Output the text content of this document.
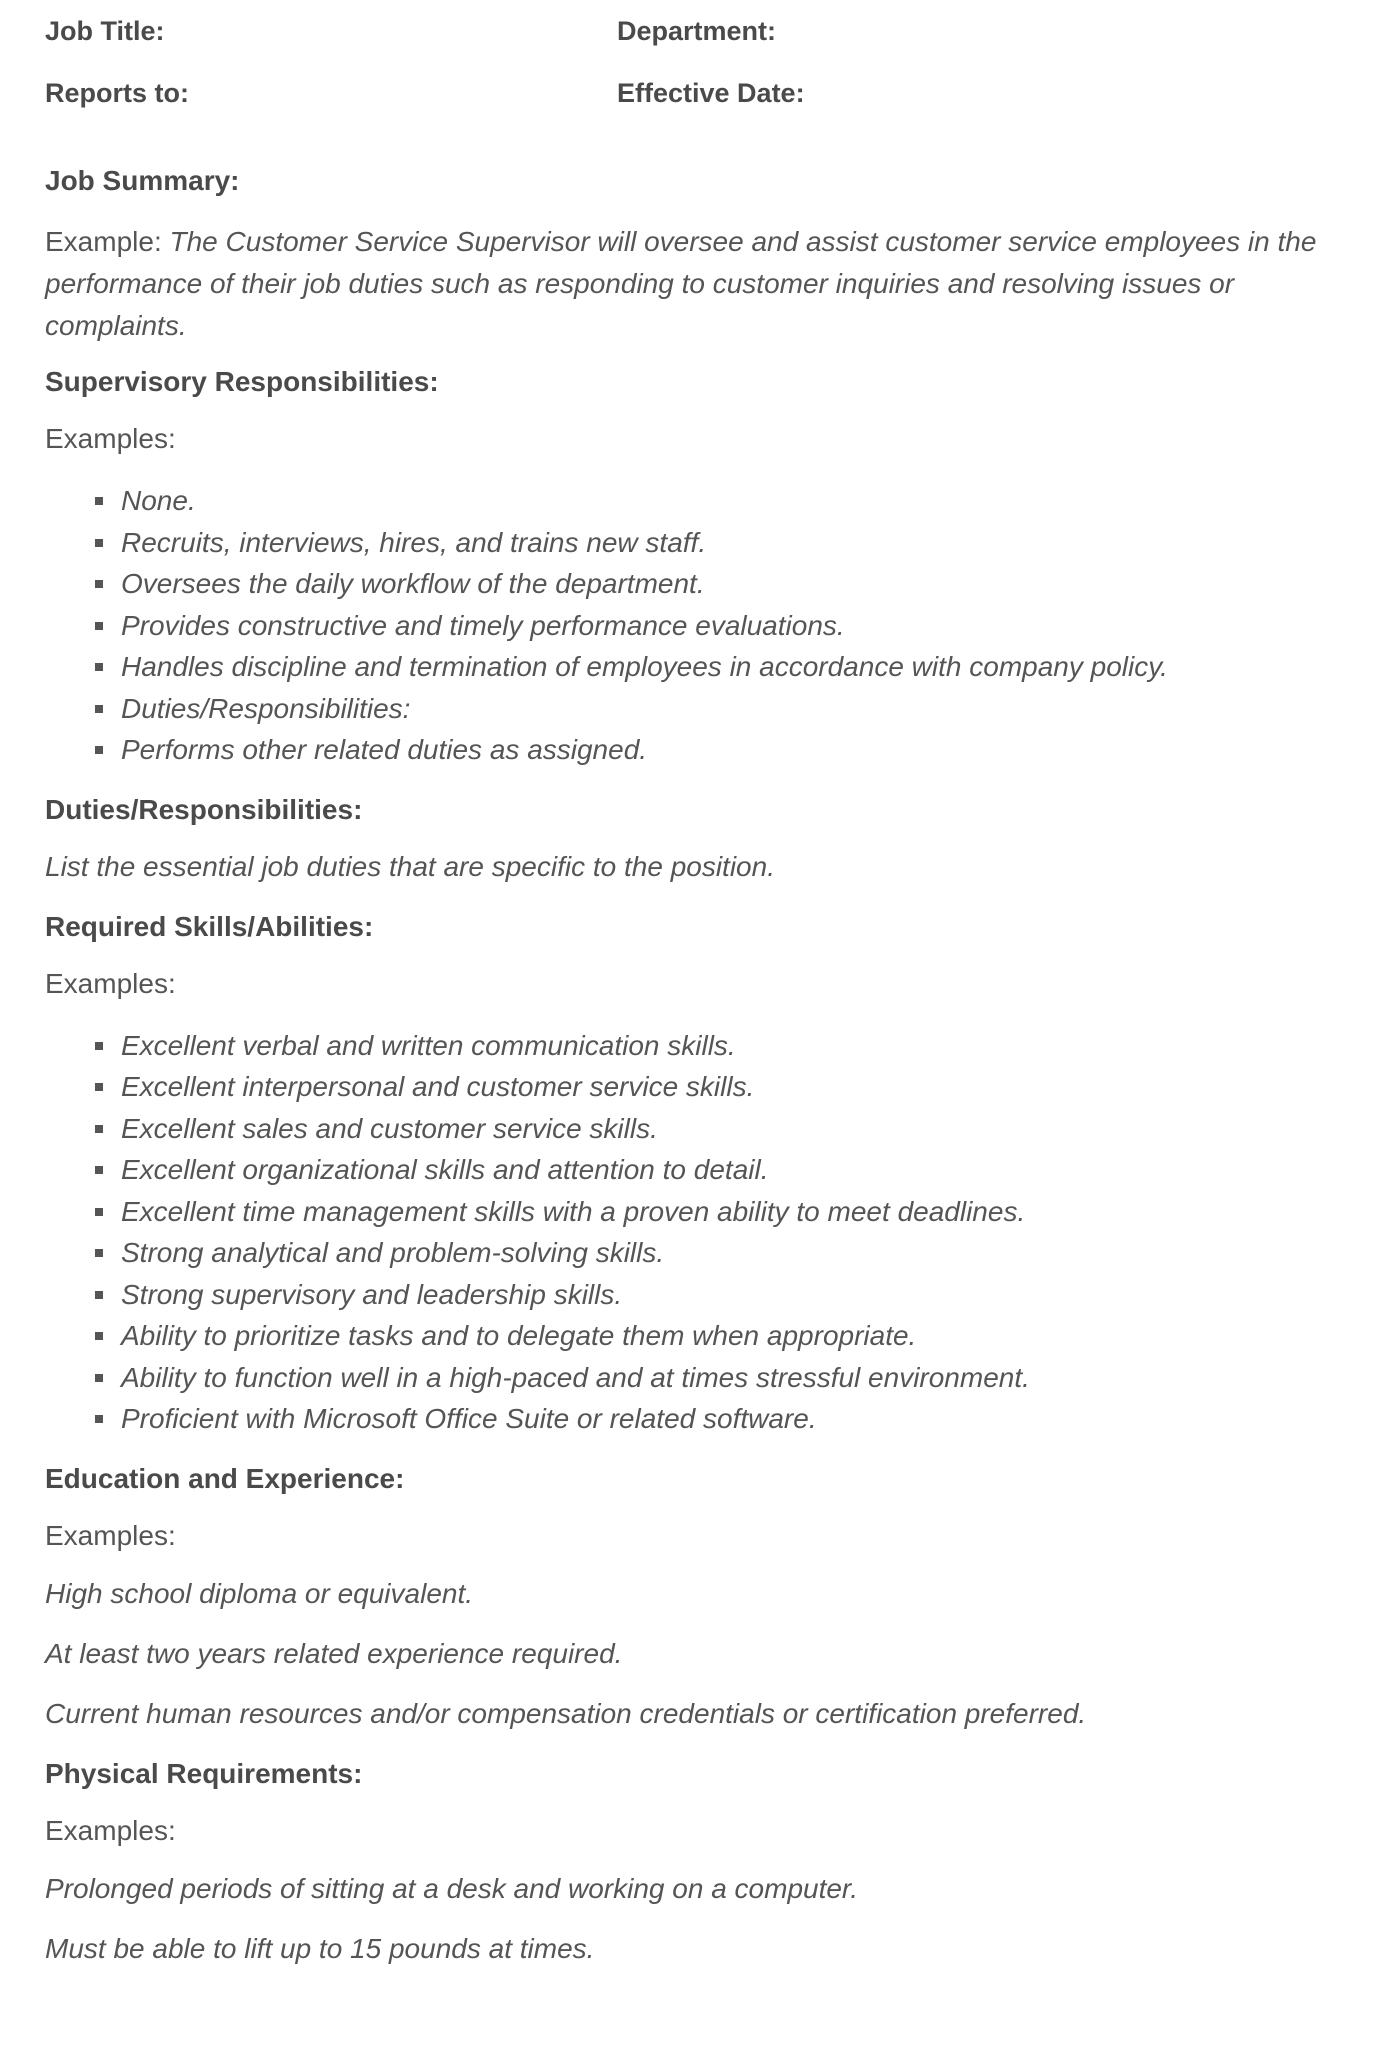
Job Title:	Department:
Reports to:	Effective Date:
Job Summary:

Example: The Customer Service Supervisor will oversee and assist customer service employees in the performance of their job duties such as responding to customer inquiries and resolving issues or complaints.

Supervisory Responsibilities:
Examples:
None.
Recruits, interviews, hires, and trains new staff.
Oversees the daily workflow of the department.
Provides constructive and timely performance evaluations.
Handles discipline and termination of employees in accordance with company policy.
Duties/Responsibilities:
Performs other related duties as assigned.
Duties/Responsibilities:
List the essential job duties that are specific to the position.
Required Skills/Abilities:
Examples:
Excellent verbal and written communication skills.
Excellent interpersonal and customer service skills.
Excellent sales and customer service skills.
Excellent organizational skills and attention to detail.
Excellent time management skills with a proven ability to meet deadlines.
Strong analytical and problem-solving skills.
Strong supervisory and leadership skills.
Ability to prioritize tasks and to delegate them when appropriate.
Ability to function well in a high-paced and at times stressful environment.
Proficient with Microsoft Office Suite or related software.
Education and Experience:
Examples:
High school diploma or equivalent.
At least two years related experience required.
Current human resources and/or compensation credentials or certification preferred.
Physical Requirements:
Examples:
Prolonged periods of sitting at a desk and working on a computer.
Must be able to lift up to 15 pounds at times.
